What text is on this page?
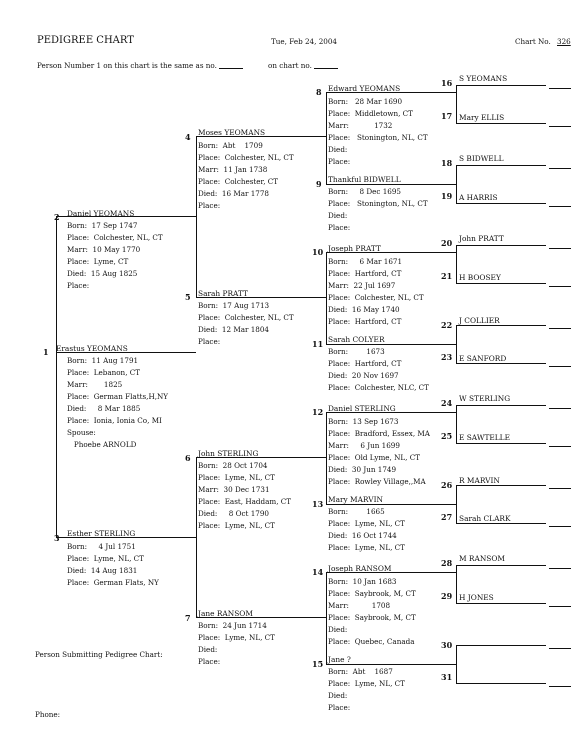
PEDIGREE CHART	Tue, Feb 24, 2004	Chart No. 326
Person Number 1 on this chart is the same as no.	on chart no.
1 Erastus YEOMANS
Born:  11 Aug 1791
Place:  Lebanon, CT
Marr:       1825
Place:  German Flatts,H,NY
Died:     8 Mar 1885
Place:  Ionia, Ionia Co, MI
Spouse:
Phoebe ARNOLD
2 Daniel YEOMANS
Born:  17 Sep 1747
Place:  Colchester, NL, CT
Marr:  10 May 1770
Place:  Lyme, CT
Died:  15 Aug 1825
Place:
3 Esther STERLING
Born:     4 Jul 1751
Place:  Lyme, NL, CT
Died:  14 Aug 1831
Place:  German Flats, NY
4 Moses YEOMANS
Born:  Abt    1709
Place:  Colchester, NL, CT
Marr:  11 Jan 1738
Place:  Colchester, CT
Died:  16 Mar 1778
Place:
5 Sarah PRATT
Born:  17 Aug 1713
Place:  Colchester, NL, CT
Died:  12 Mar 1804
Place:
6 John STERLING
Born:  28 Oct 1704
Place:  Lyme, NL, CT
Marr:  30 Dec 1731
Place:  East, Haddam, CT
Died:     8 Oct 1790
Place:  Lyme, NL, CT
7 Jane RANSOM
Born:  24 Jun 1714
Place:  Lyme, NL, CT
Died:
Place:
8 Edward YEOMANS
Born:   28 Mar 1690
Place:  Middletown, CT
Marr:           1732
Place:   Stonington, NL, CT
Died:
Place:
9 Thankful BIDWELL
Born:     8 Dec 1695
Place:   Stonington, NL, CT
Died:
Place:
10 Joseph PRATT
Born:     6 Mar 1671
Place:  Hartford, CT
Marr:  22 Jul 1697
Place:  Colchester, NL, CT
Died:  16 May 1740
Place:  Hartford, CT
11 Sarah COLYER
Born:        1673
Place:  Hartford, CT
Died:  20 Nov 1697
Place:  Colchester, NLC, CT
12 Daniel STERLING
Born:  13 Sep 1673
Place:  Bradford, Essex, MA
Marr:     6 Jun 1699
Place:  Old Lyme, NL, CT
Died:  30 Jun 1749
Place:  Rowley Village,,MA
13 Mary MARVIN
Born:        1665
Place:  Lyme, NL, CT
Died:  16 Oct 1744
Place:  Lyme, NL, CT
14 Joseph RANSOM
Born:  10 Jan 1683
Place:  Saybrook, M, CT
Marr:          1708
Place:  Saybrook, M, CT
Died:
Place:  Quebec, Canada
15 Jane ?
Born:  Abt    1687
Place:  Lyme, NL, CT
Died:
Place:
16 S YEOMANS
17 Mary ELLIS
18 S BIDWELL
19 A HARRIS
20 John PRATT
21 H BOOSEY
22 J COLLIER
23 E SANFORD
24 W STERLING
25 E SAWTELLE
26 R MARVIN
27 Sarah CLARK
28 M RANSOM
29 H JONES
30
31
Person Submitting Pedigree Chart:
Phone:
